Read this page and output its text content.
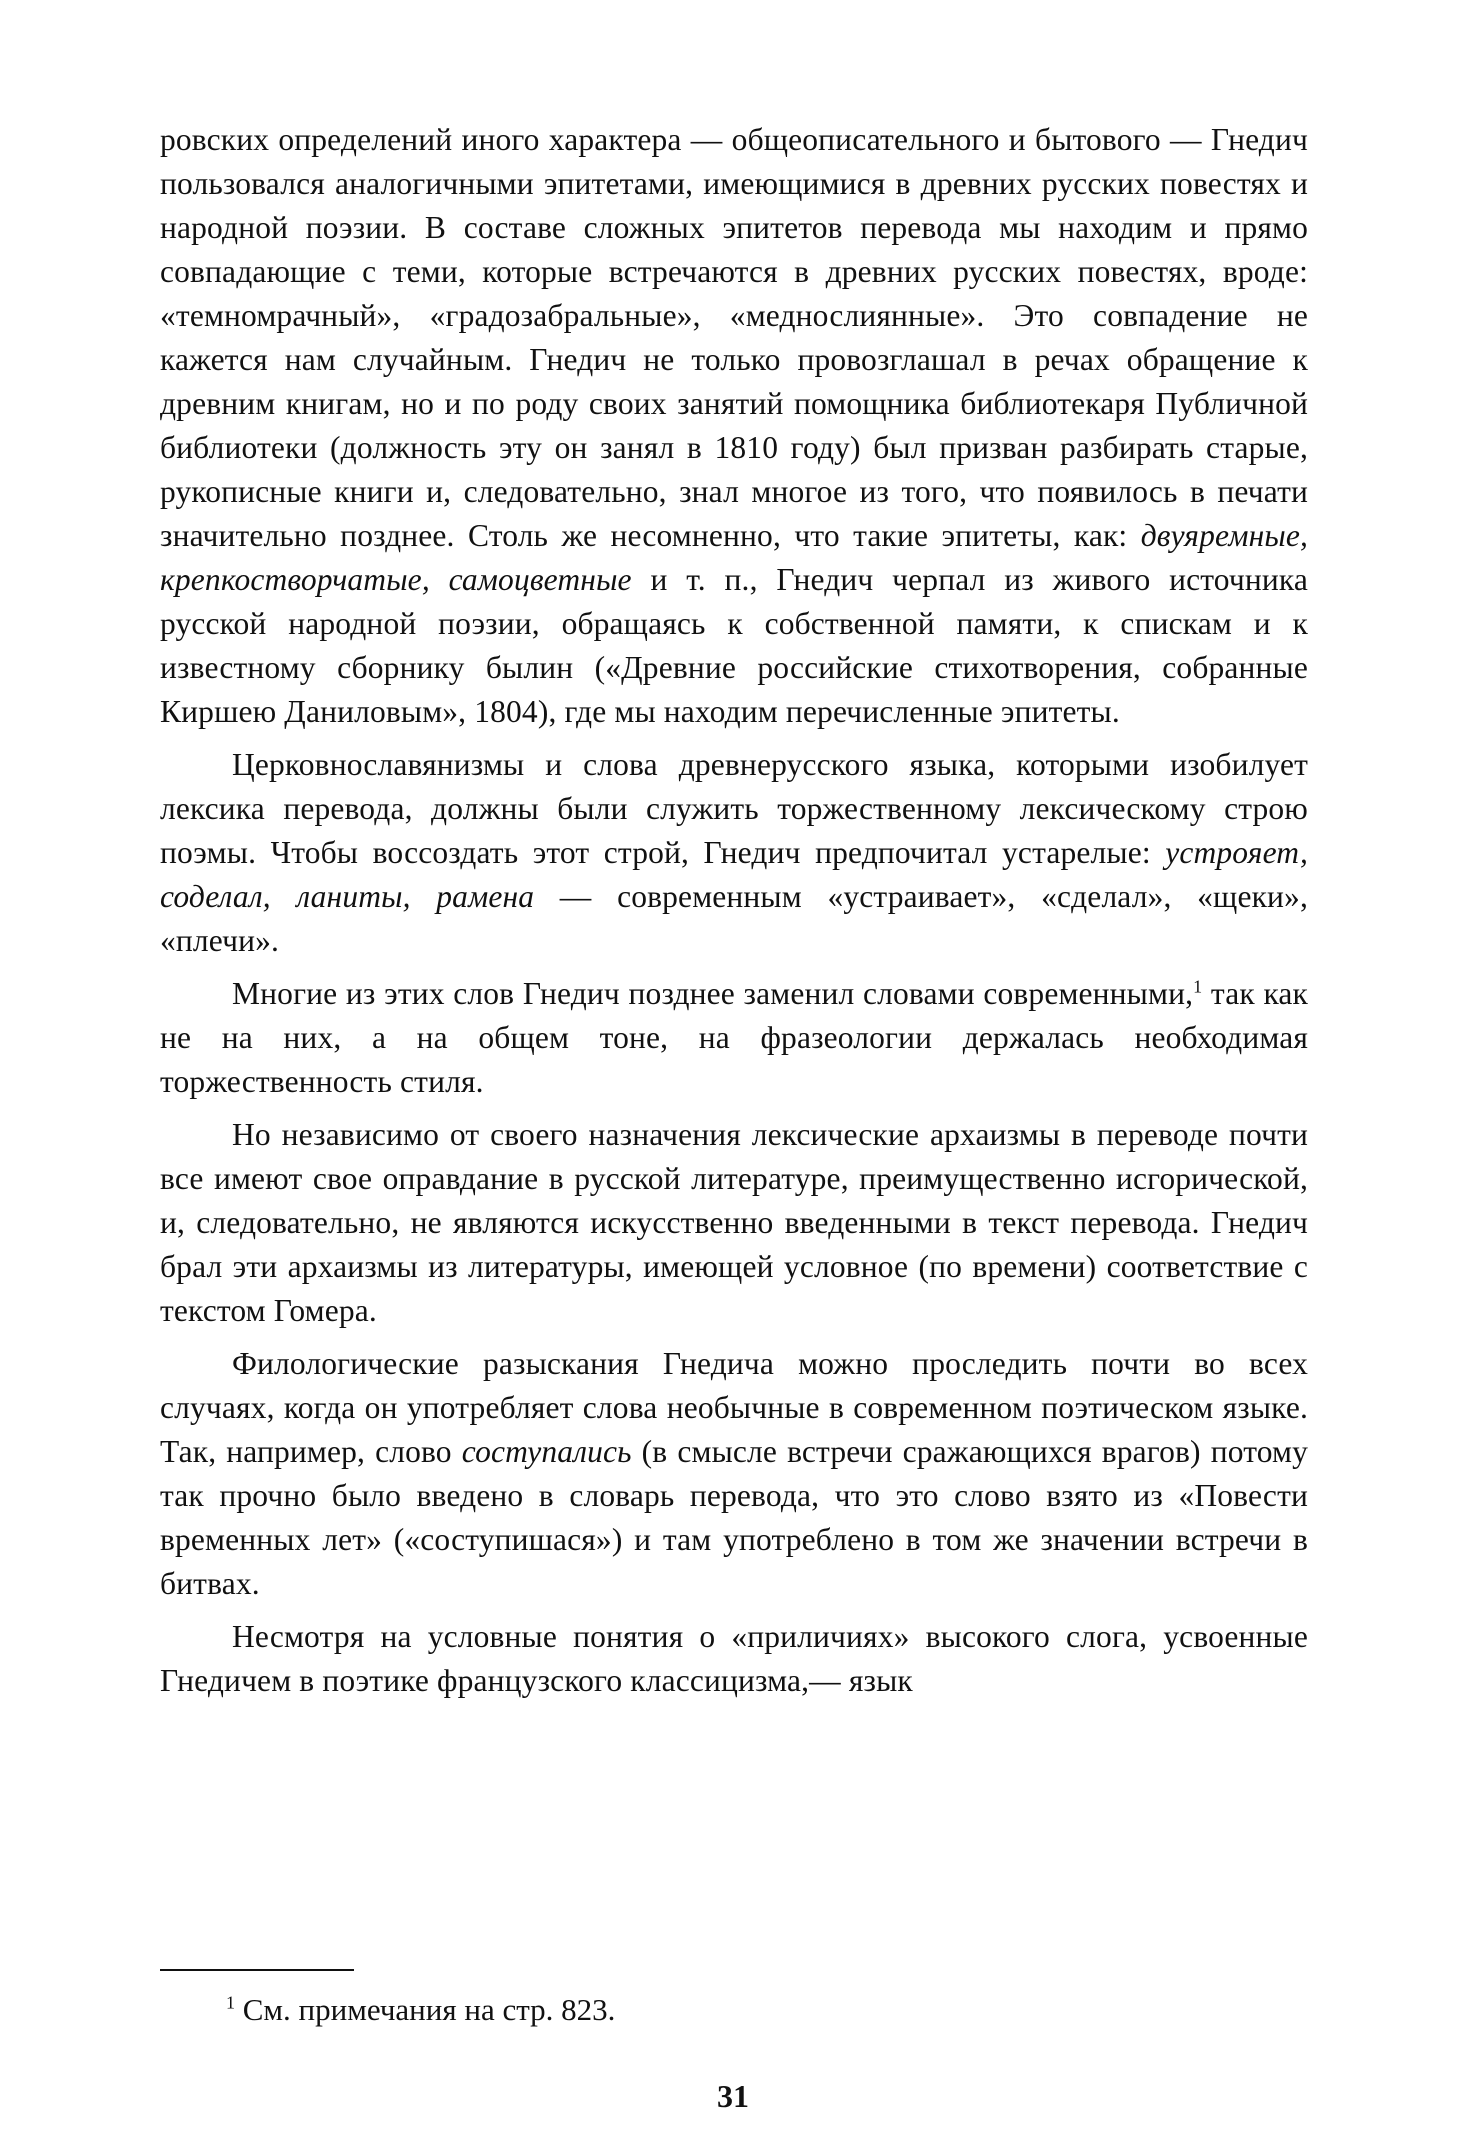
ровских определений иного характера — общеописательного и бытового — Гнедич пользовался аналогичными эпитетами, имеющимися в древних русских повестях и народной поэзии. В составе сложных эпитетов перевода мы находим и прямо совпадающие с теми, которые встречаются в древних русских повестях, вроде: «темномрачный», «градозабральные», «меднослиянные». Это совпадение не кажется нам случайным. Гнедич не только провозглашал в речах обращение к древним книгам, но и по роду своих занятий помощника библиотекаря Публичной библиотеки (должность эту он занял в 1810 году) был призван разбирать старые, рукописные книги и, следовательно, знал многое из того, что появилось в печати значительно позднее. Столь же несомненно, что такие эпитеты, как: двуяремные, крепкостворчатые, самоцветные и т. п., Гнедич черпал из живого источника русской народной поэзии, обращаясь к собственной памяти, к спискам и к известному сборнику былин («Древние российские стихотворения, собранные Киршею Даниловым», 1804), где мы находим перечисленные эпитеты.

Церковнославянизмы и слова древнерусского языка, которыми изобилует лексика перевода, должны были служить торжественному лексическому строю поэмы. Чтобы воссоздать этот строй, Гнедич предпочитал устарелые: устрояет, соделал, ланиты, рамена — современным «устраивает», «сделал», «щеки», «плечи».

Многие из этих слов Гнедич позднее заменил словами современными,$^1$ так как не на них, а на общем тоне, на фразеологии держалась необходимая торжественность стиля.

Но независимо от своего назначения лексические архаизмы в переводе почти все имеют свое оправдание в русской литературе, преимущественно исгорической, и, следовательно, не являются искусственно введенными в текст перевода. Гнедич брал эти архаизмы из литературы, имеющей условное (по времени) соответствие с текстом Гомера.

Филологические разыскания Гнедича можно проследить почти во всех случаях, когда он употребляет слова необычные в современном поэтическом языке. Так, например, слово соступались (в смысле встречи сражающихся врагов) потому так прочно было введено в словарь перевода, что это слово взято из «Повести временных лет» («соступишася») и там употреблено в том же значении встречи в битвах.

Несмотря на условные понятия о «приличиях» высокого слога, усвоенные Гнедичем в поэтике французского классицизма,— язык

$^1$ См. примечания на стр. 823.
31
